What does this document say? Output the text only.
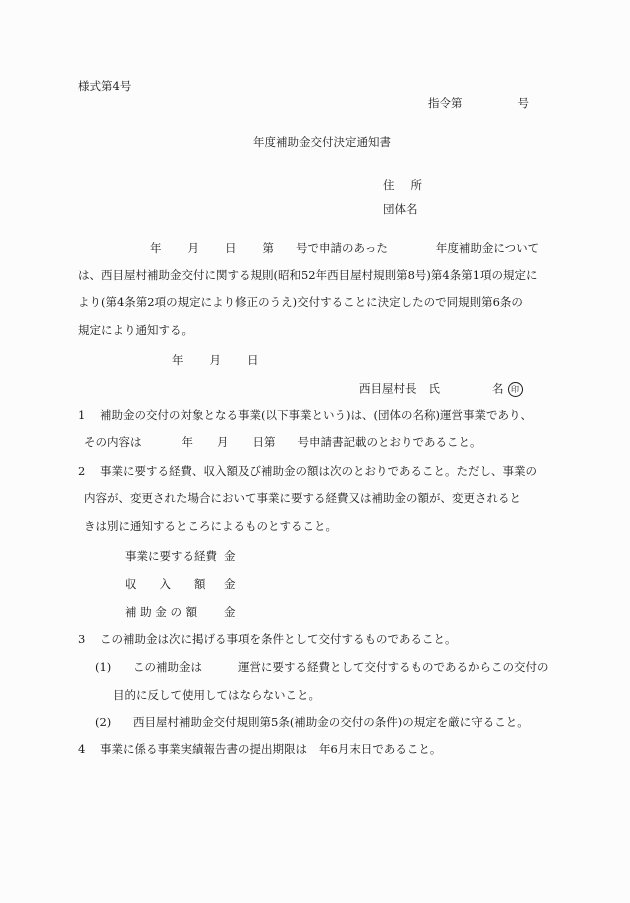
様式第4号
指令第	号
年度補助金交付決定通知書
住 所
団体名
年 月 日 第 号で申請のあった	年度補助金について
は、西目屋村補助金交付に関する規則(昭和52年西目屋村規則第8号)第4条第1項の規定に
より(第4条第2項の規定により修正のうえ)交付することに決定したので同規則第6条の
規定により通知する。
年 月 日
西目屋村長 氏	名 印
1 補助金の交付の対象となる事業(以下事業という)は、(団体の名称)運営事業であり、
その内容は	年 月 日第 号申請書記載のとおりであること。
2 事業に要する経費、収入額及び補助金の額は次のとおりであること。ただし、事業の
内容が、変更された場合において事業に要する経費又は補助金の額が、変更されると
きは別に通知するところによるものとすること。
事業に要する経費 金
収　　入　　額 金
補 助 金 の 額 金
3 この補助金は次に掲げる事項を条件として交付するものであること。
(1) この補助金は	運営に要する経費として交付するものであるからこの交付の
目的に反して使用してはならないこと。
(2) 西目屋村補助金交付規則第5条(補助金の交付の条件)の規定を厳に守ること。
4 事業に係る事業実績報告書の提出期限は 年6月末日であること。
